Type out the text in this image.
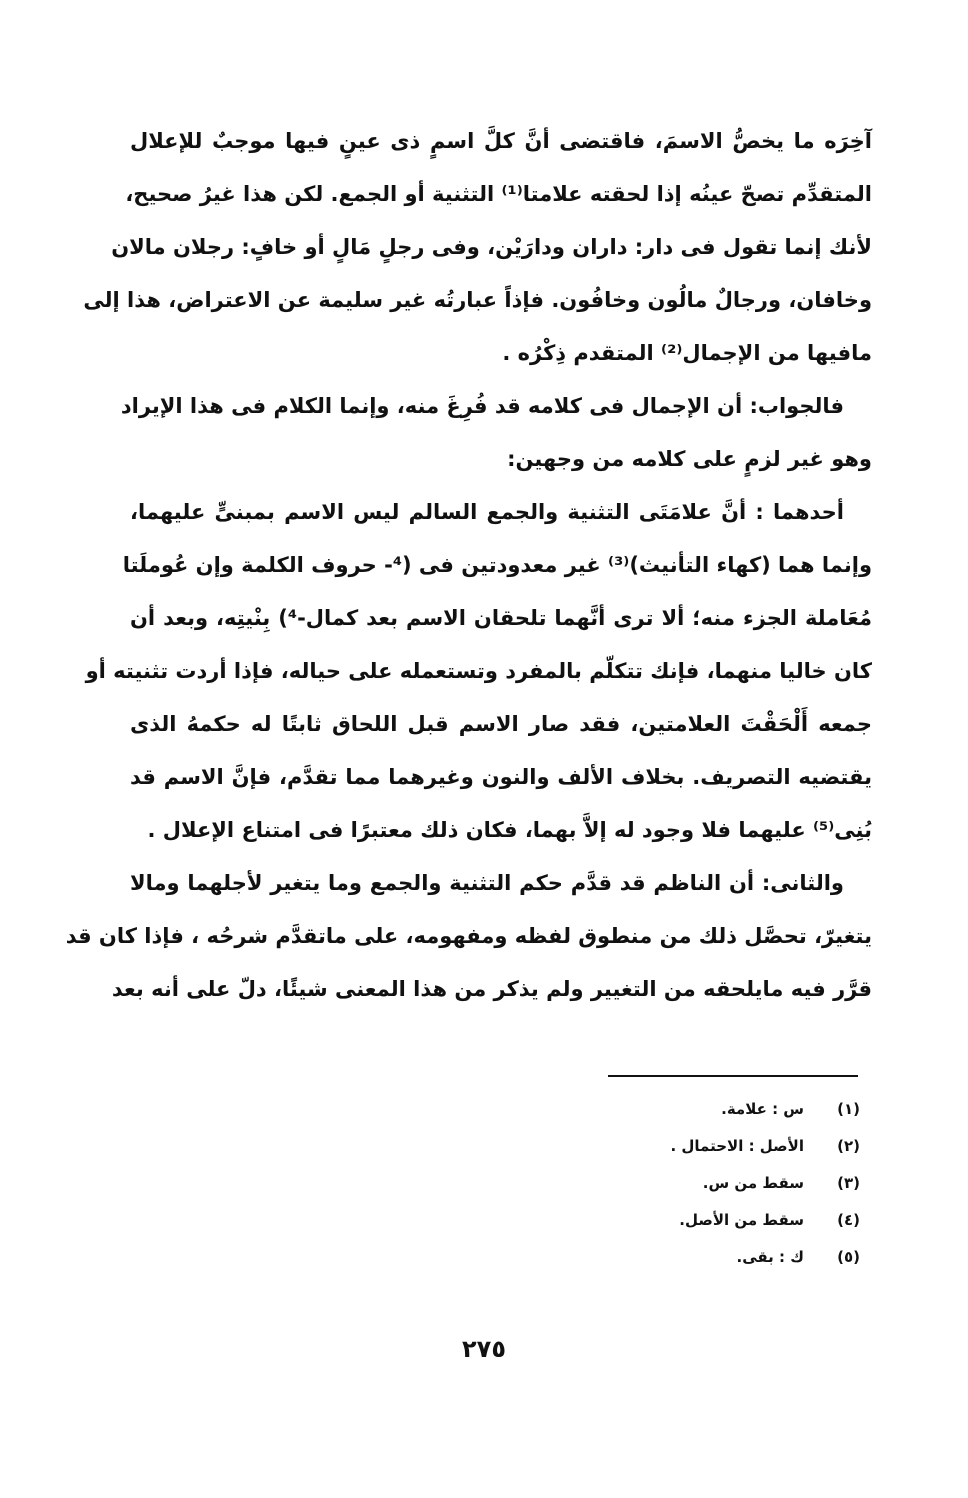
آخِرَه ما يخصُّ الاسمَ، فاقتضى أنَّ كلَّ اسمٍ ذى عينٍ فيها موجبٌ للإعلال
المتقدِّم تصحّ عينُه إذا لحقته علامتا⁽¹⁾ التثنية أو الجمع. لكن هذا غيرُ صحيح،
لأنك إنما تقول فى دار: داران ودارَيْن، وفى رجلٍ مَالٍ أو خافٍ: رجلان مالان
وخافان، ورجالٌ مالُون وخافُون. فإذاً عبارتُه غير سليمة عن الاعتراض، هذا إلى
مافيها من الإجمال⁽²⁾ المتقدم ذِكْرُه .
فالجواب: أن الإجمال فى كلامه قد فُرِغَ منه، وإنما الكلام فى هذا الإيراد
وهو غير لزمٍ على كلامه من وجهين:
أحدهما : أنَّ علامَتَى التثنية والجمع السالم ليس الاسم بمبنىٍّ عليهما،
وإنما هما (كهاء التأنيث)⁽³⁾ غير معدودتين فى (⁴- حروف الكلمة وإن عُوملَتا
مُعَاملة الجزء منه؛ ألا ترى أنَّهما تلحقان الاسم بعد كمال-⁴) بِنْيتِه، وبعد أن
كان خاليا منهما، فإنك تتكلّم بالمفرد وتستعمله على حياله، فإذا أردت تثنيته أو
جمعه أَلْحَقْتَ العلامتين، فقد صار الاسم قبل اللحاق ثابتًا له حكمهُ الذى
يقتضيه التصريف. بخلاف الألف والنون وغيرهما مما تقدَّم، فإنَّ الاسم قد
بُنِى⁽⁵⁾ عليهما فلا وجود له إلاَّ بهما، فكان ذلك معتبرًا فى امتناع الإعلال .
والثانى: أن الناظم قد قدَّم حكم التثنية والجمع وما يتغير لأجلهما ومالا
يتغيرّ، تحصَّل ذلك من منطوق لفظه ومفهومه، على ماتقدَّم شرحُه ، فإذا كان قد
قرَّر فيه مايلحقه من التغيير ولم يذكر من هذا المعنى شيئًا، دلّ على أنه بعد
(١)
س : علامة.
(٢)
الأصل : الاحتمال .
(٣)
سقط من س.
(٤)
سقط من الأصل.
(٥)
ك : بقى.
٢٧٥
